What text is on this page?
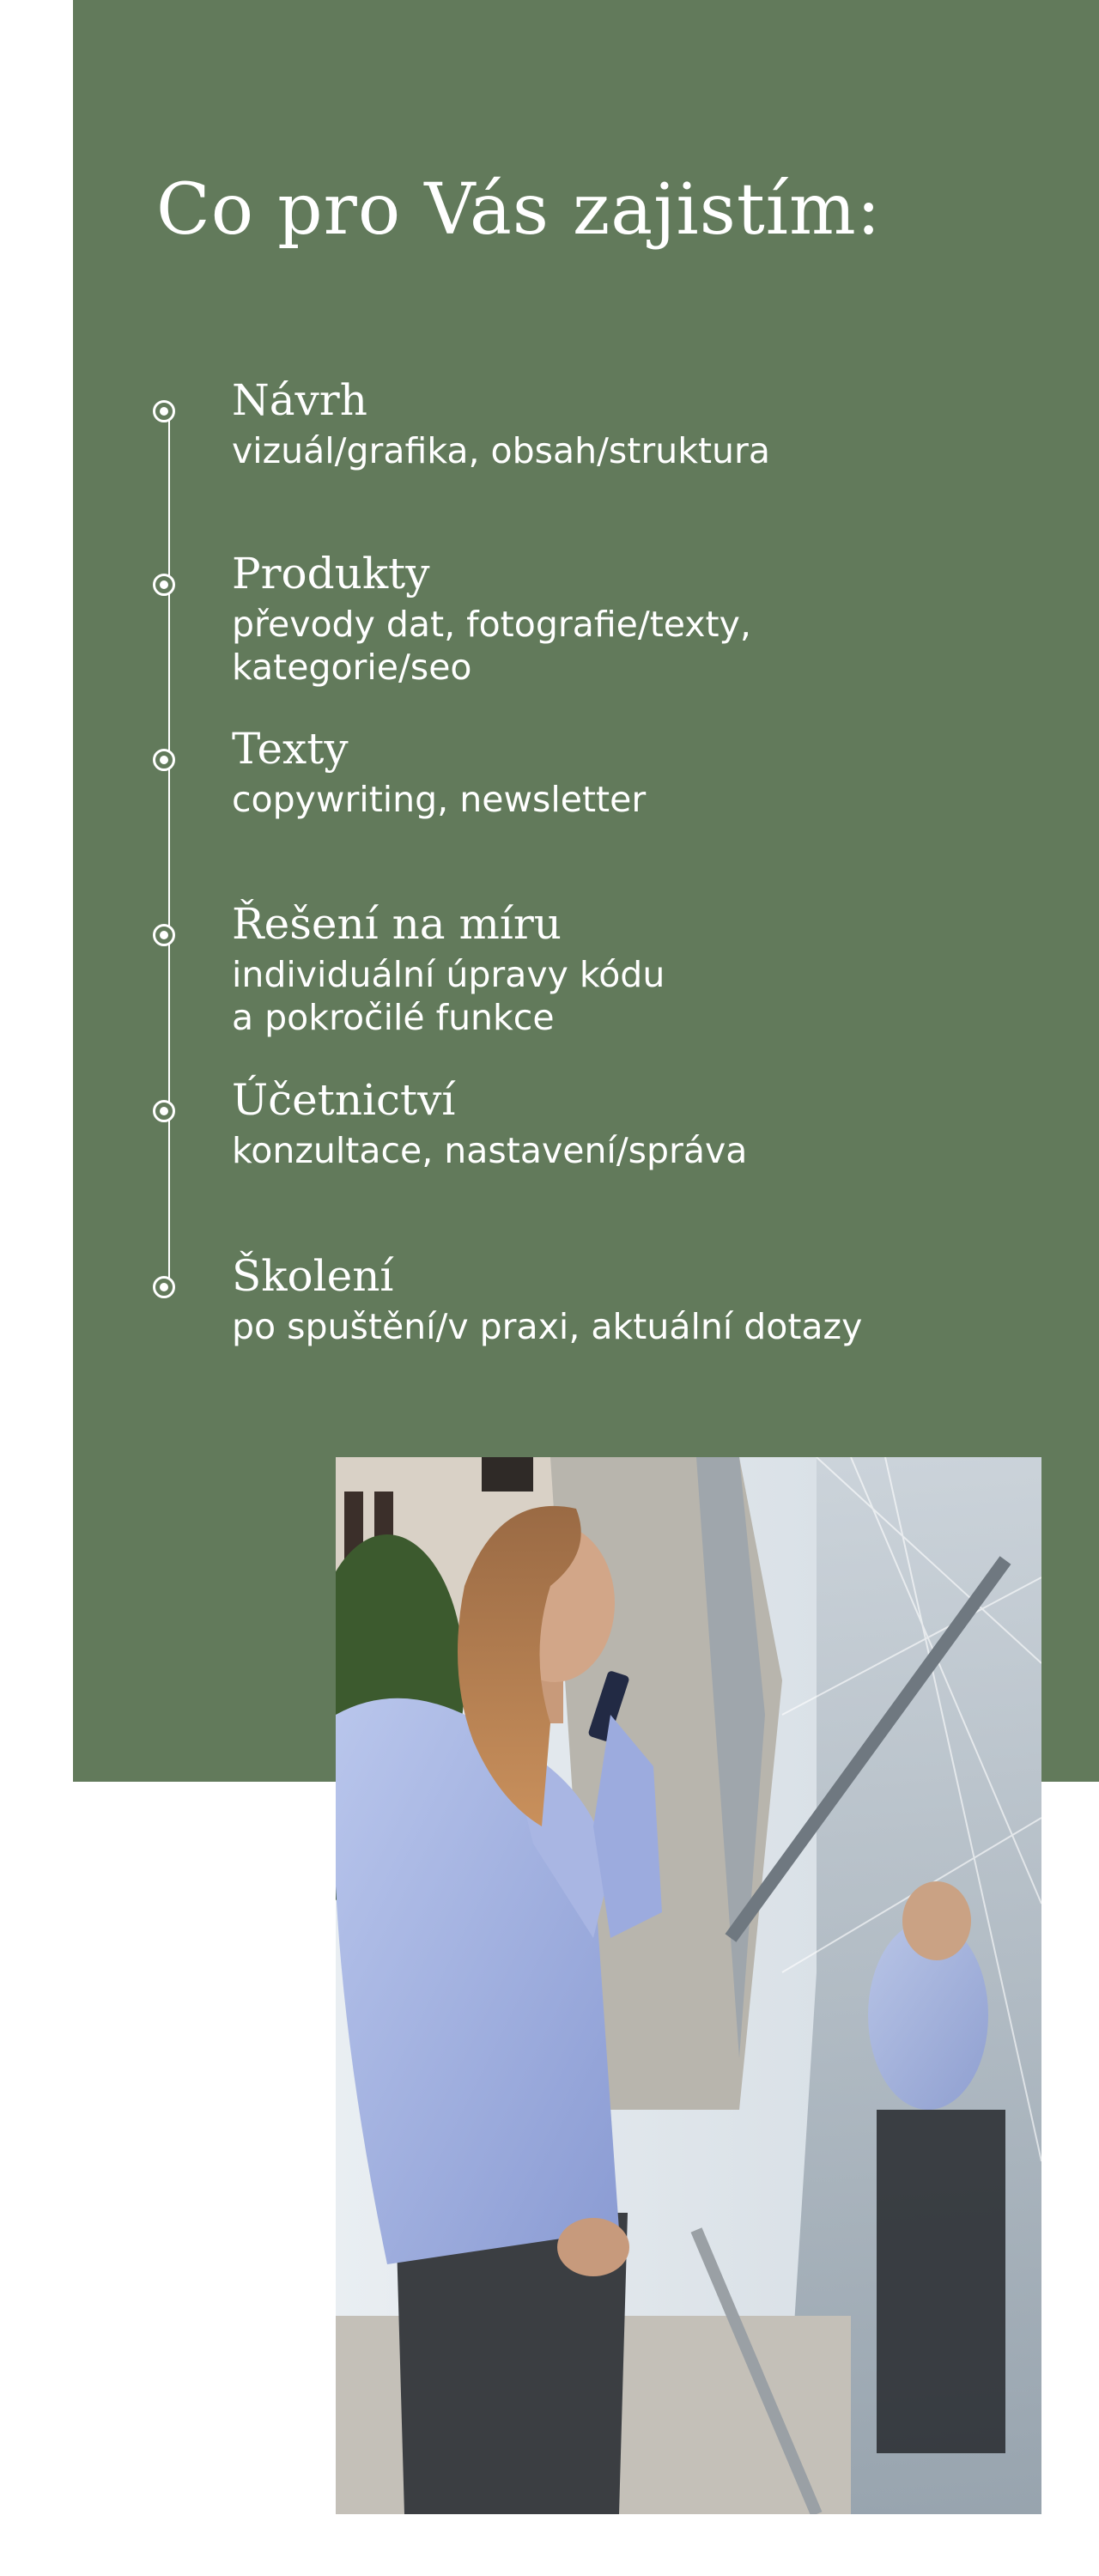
Co pro Vás zajistím:
Návrh

vizuál/grafika, obsah/struktura

Produkty

převody dat, fotografie/texty,
kategorie/seo

Texty

copywriting, newsletter

Řešení na míru

individuální úpravy kódu
a pokročilé funkce

Účetnictví

konzultace, nastavení/správa

Školení

po spuštění/v praxi, aktuální dotazy
